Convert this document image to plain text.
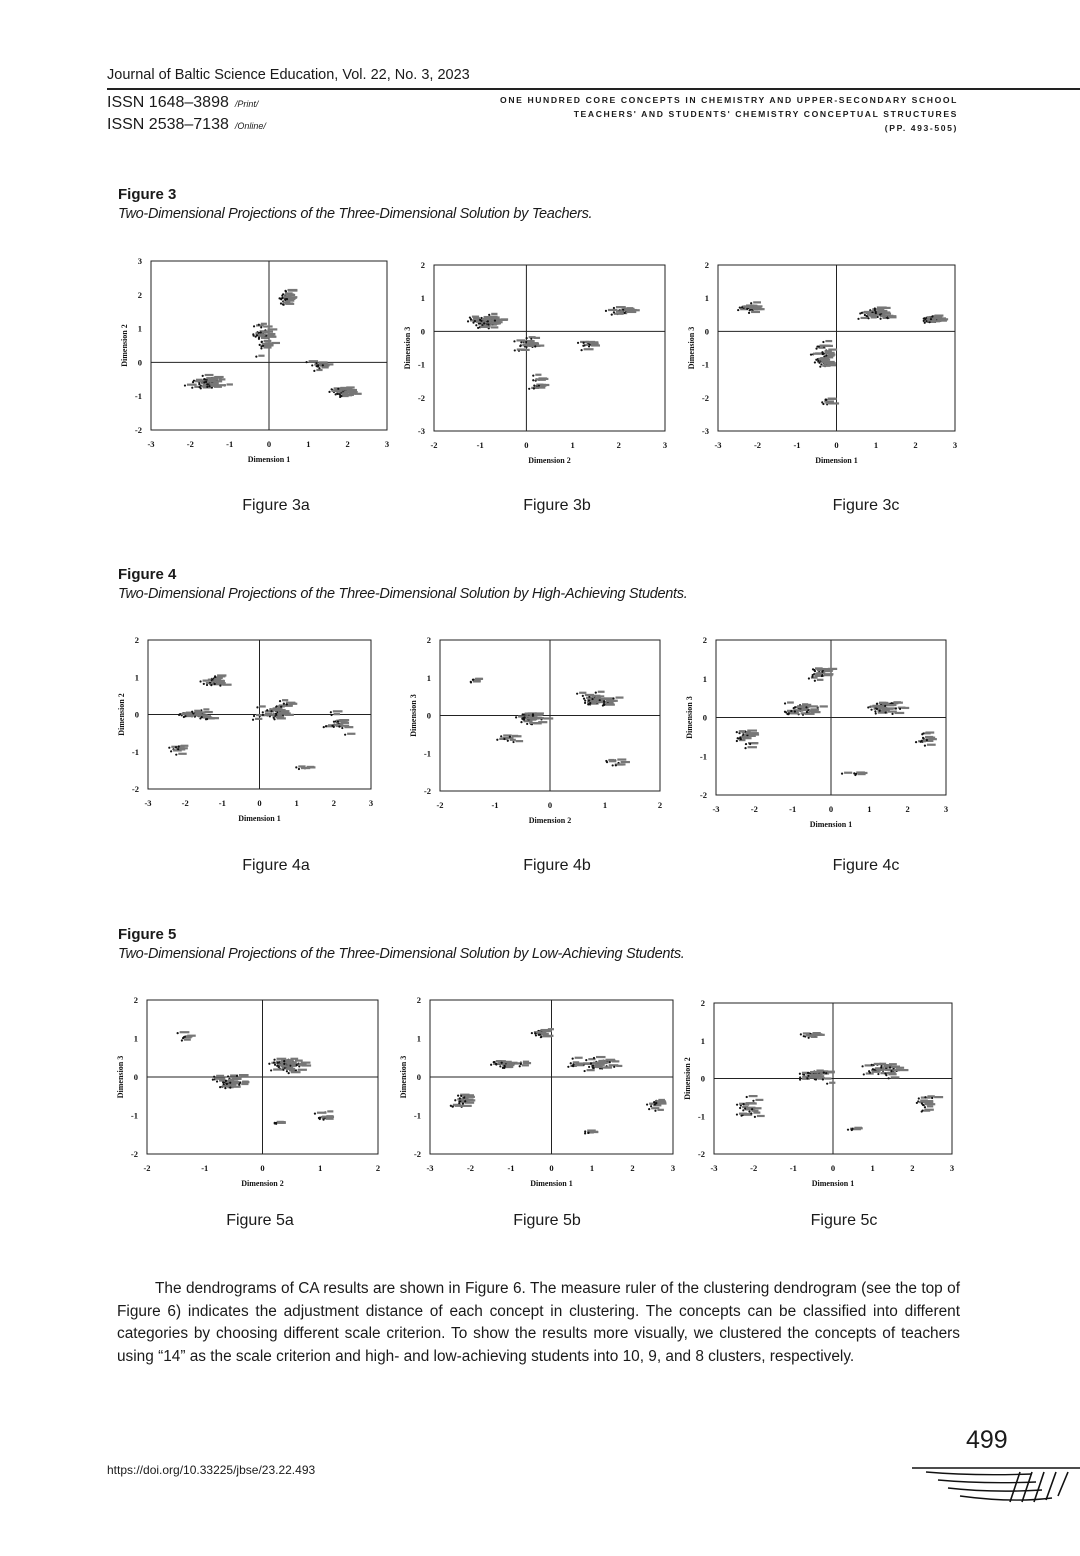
Journal of Baltic Science Education, Vol. 22, No. 3, 2023
ISSN 1648–3898 /Print/
ISSN 2538–7138 /Online/
ONE HUNDRED CORE CONCEPTS IN CHEMISTRY AND UPPER-SECONDARY SCHOOL
TEACHERS' AND STUDENTS' CHEMISTRY CONCEPTUAL STRUCTURES
(PP. 493-505)
Figure 3
Two-Dimensional Projections of the Three-Dimensional Solution by Teachers.
-3	-2	-1	0	1	2	3
3
2
1
0
-1
-2
Dimension 1
Dimension 2
-2	-1	0	1	2	3
2
1
0
-1
-2
-3
Dimension 2
Dimension 3
-3	-2	-1	0	1	2	3
2
1
0
-1
-2
-3
Dimension 1
Dimension 3
Figure 3a	Figure 3b	Figure 3c
Figure 4
Two-Dimensional Projections of the Three-Dimensional Solution by High-Achieving Students.
-3	-2	-1	0	1	2	3
2
1
0
-1
-2
Dimension 1
Dimension 2
-2	-1	0	1	2
2
1
0
-1
-2
Dimension 2
Dimension 3
-3	-2	-1	0	1	2	3
2
1
0
-1
-2
Dimension 1
Dimension 3
Figure 4a	Figure 4b	Figure 4c
Figure 5
Two-Dimensional Projections of the Three-Dimensional Solution by Low-Achieving Students.
-2	-1	0	1	2
2
1
0
-1
-2
Dimension 2
Dimension 3
-3	-2	-1	0	1	2	3
2
1
0
-1
-2
Dimension 1
Dimension 3
-3	-2	-1	0	1	2	3
2
1
0
-1
-2
Dimension 1
Dimension 2
Figure 5a	Figure 5b	Figure 5c

The dendrograms of CA results are shown in Figure 6. The measure ruler of the clustering dendrogram (see the top of Figure 6) indicates the adjustment distance of each concept in clustering. The concepts can be classified into different categories by choosing different scale criterion. To show the results more visually, we clustered the concepts of teachers using “14” as the scale criterion and high- and low-achieving students into 10, 9, and 8 clusters, respectively.

499
https://doi.org/10.33225/jbse/23.22.493
